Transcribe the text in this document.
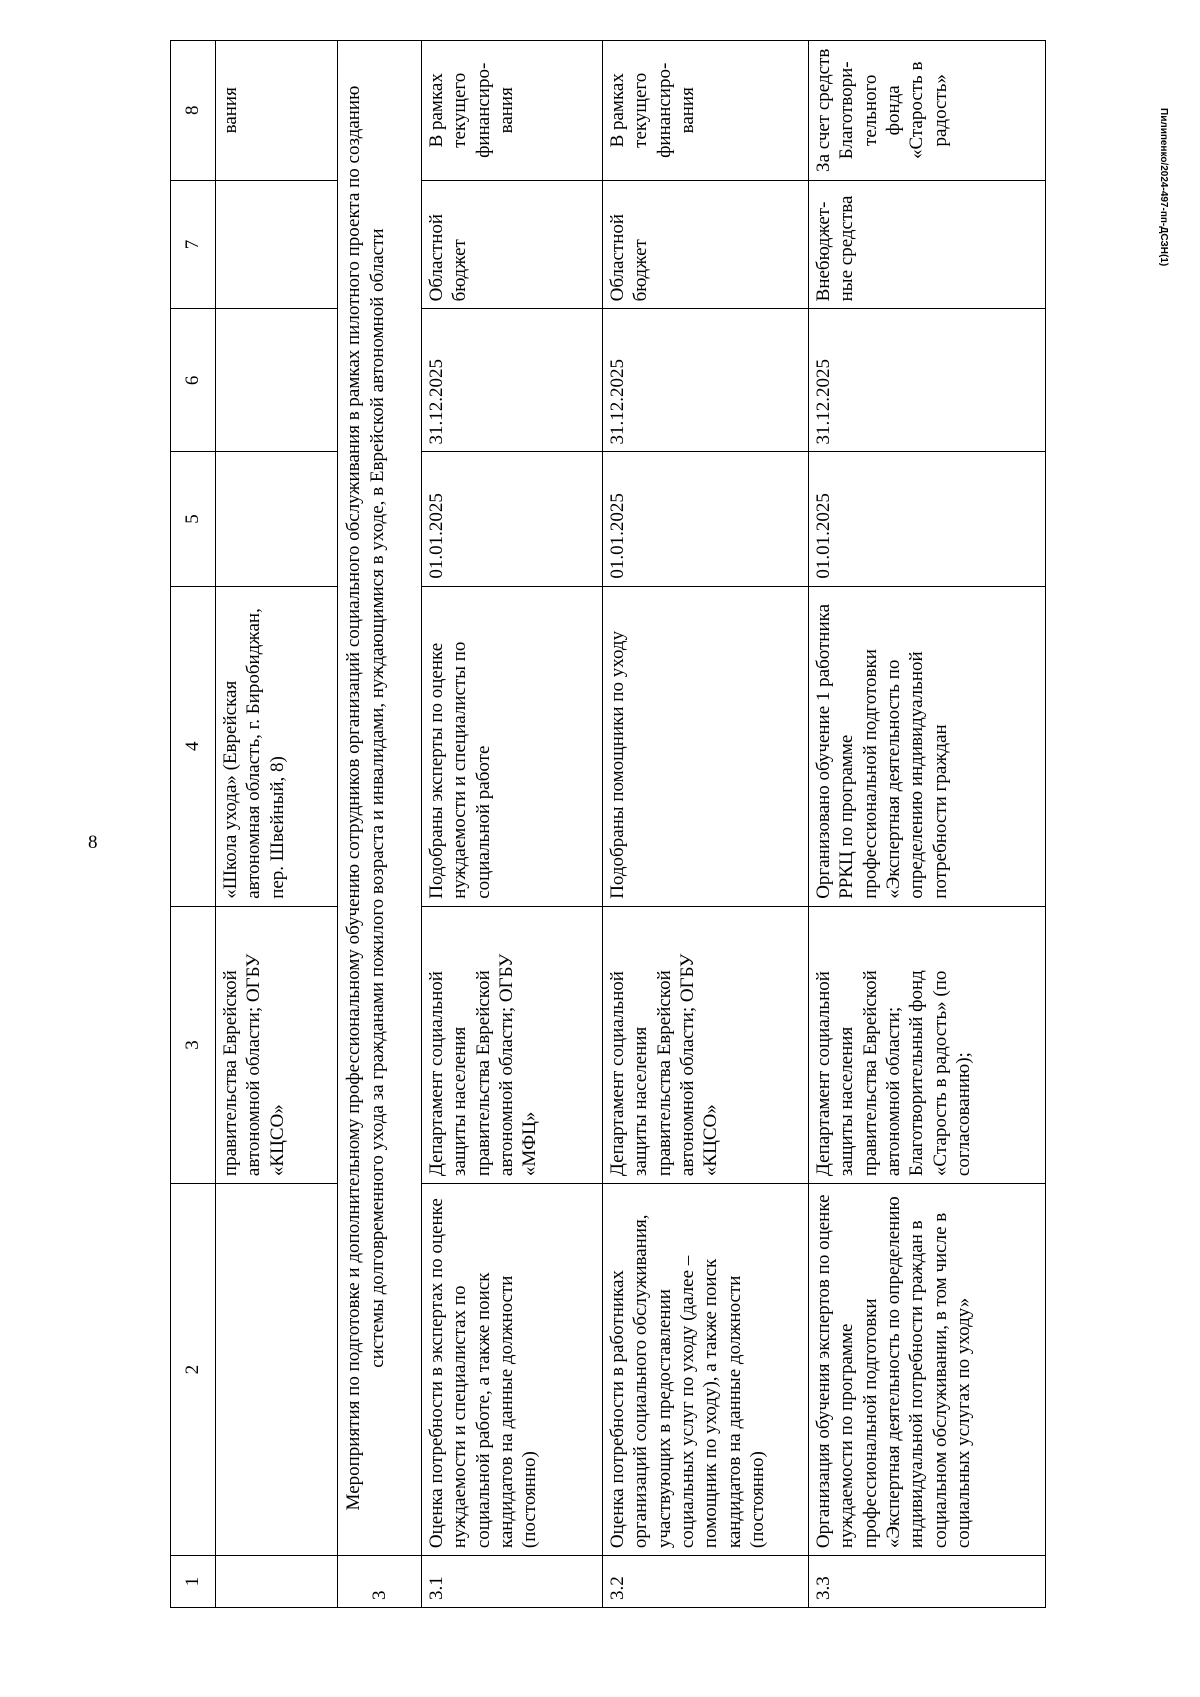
8
Пилипенко/2024-497-пп-ДСЗН(1)
1	2	3	4	5	6	7	8
		правительства Еврейской автономной области; ОГБУ «КЦСО»	«Школа ухода» (Еврейская автономная область, г. Биробиджан, пер. Швейный, 8)				вания
3	Мероприятия по подготовке и дополнительному профессиональному обучению сотрудников организаций социального обслуживания в рамках пилотного проекта по созданию системы долговременного ухода за гражданами пожилого возраста и инвалидами, нуждающимися в уходе, в Еврейской автономной области						
3.1	Оценка потребности в экспертах по оценке нуждаемости и специалистах по социальной работе, а также поиск кандидатов на данные должности (постоянно)	Департамент социальной защиты населения правительства Еврейской автономной области; ОГБУ «МФЦ»	Подобраны эксперты по оценке нуждаемости и специалисты по социальной работе	01.01.2025	31.12.2025	Областной бюджет	В рамках текущего финансиро-вания
3.2	Оценка потребности в работниках организаций социального обслуживания, участвующих в предоставлении социальных услуг по уходу (далее – помощник по уходу), а также поиск кандидатов на данные должности (постоянно)	Департамент социальной защиты населения правительства Еврейской автономной области; ОГБУ «КЦСО»	Подобраны помощники по уходу	01.01.2025	31.12.2025	Областной бюджет	В рамках текущего финансиро-вания
3.3	Организация обучения экспертов по оценке нуждаемости по программе профессиональной подготовки «Экспертная деятельность по определению индивидуальной потребности граждан в социальном обслуживании, в том числе в социальных услугах по уходу»	Департамент социальной защиты населения правительства Еврейской автономной области; Благотворительный фонд «Старость в радость» (по согласованию);	Организовано обучение 1 работника РРКЦ по программе профессиональной подготовки «Экспертная деятельность по определению индивидуальной потребности граждан	01.01.2025	31.12.2025	Внебюджет-ные средства	За счет средств Благотвори-тельного фонда «Старость в радость»
